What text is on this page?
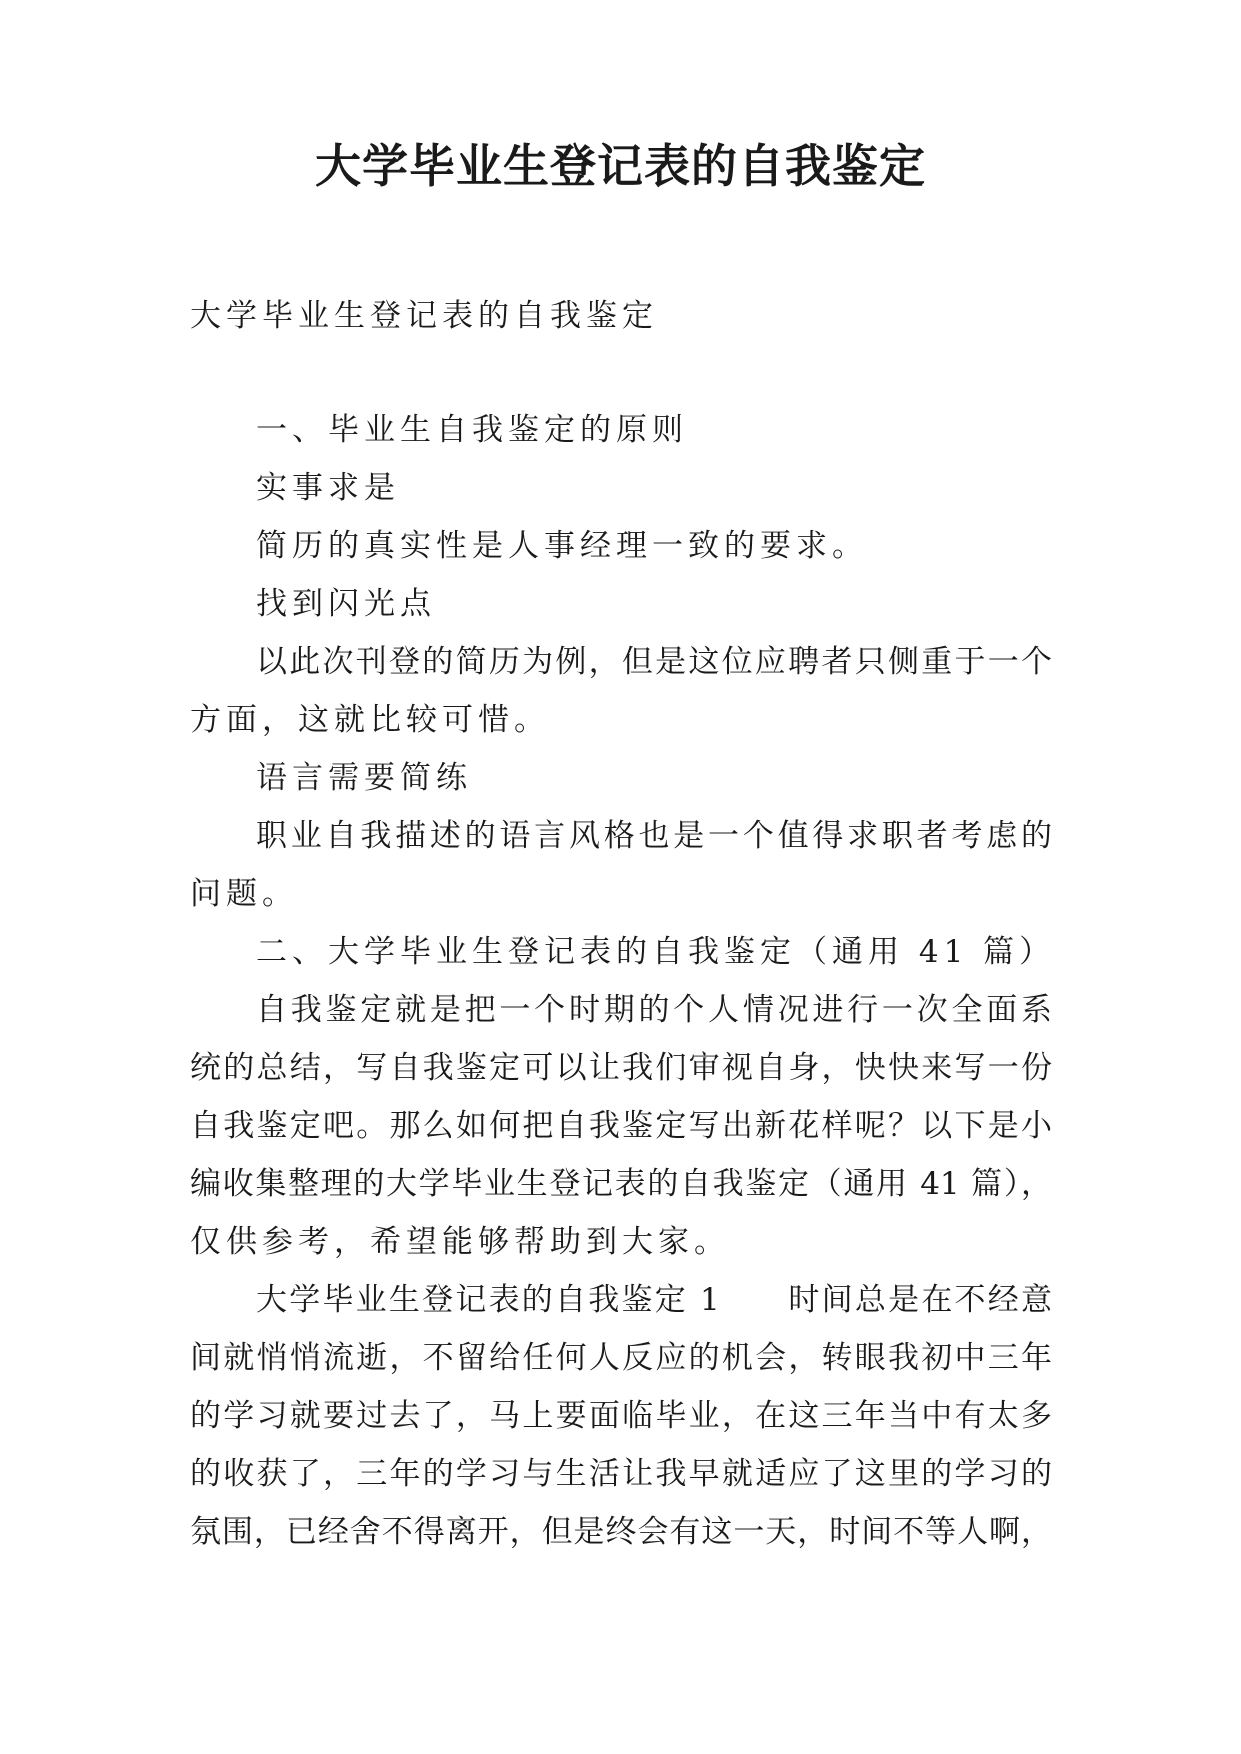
大学毕业生登记表的自我鉴定

大学毕业生登记表的自我鉴定

一、毕业生自我鉴定的原则

实事求是

简历的真实性是人事经理一致的要求。

找到闪光点

以此次刊登的简历为例，但是这位应聘者只侧重于一个

方面，这就比较可惜。

语言需要简练

职业自我描述的语言风格也是一个值得求职者考虑的

问题。

二、大学毕业生登记表的自我鉴定（通用 41 篇）

自我鉴定就是把一个时期的个人情况进行一次全面系

统的总结，写自我鉴定可以让我们审视自身，快快来写一份

自我鉴定吧。那么如何把自我鉴定写出新花样呢？以下是小

编收集整理的大学毕业生登记表的自我鉴定（通用 41 篇），

仅供参考，希望能够帮助到大家。

大学毕业生登记表的自我鉴定 1　　时间总是在不经意

间就悄悄流逝，不留给任何人反应的机会，转眼我初中三年

的学习就要过去了，马上要面临毕业，在这三年当中有太多

的收获了，三年的学习与生活让我早就适应了这里的学习的

氛围，已经舍不得离开，但是终会有这一天，时间不等人啊，
